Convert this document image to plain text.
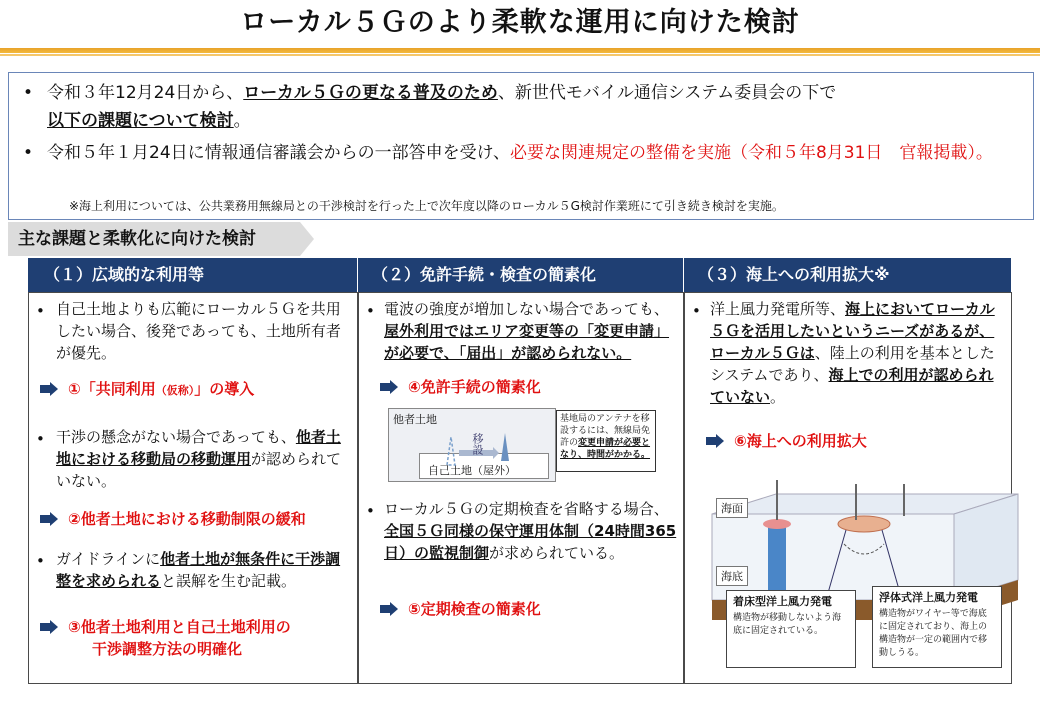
ローカル５Ｇのより柔軟な運用に向けた検討
• 令和３年12月24日から、ローカル５Ｇの更なる普及のため、新世代モバイル通信システム委員会の下で
以下の課題について検討。
• 令和５年１月24日に情報通信審議会からの一部答申を受け、必要な関連規定の整備を実施（令和５年8月31日　官報掲載）。
※海上利用については、公共業務用無線局との干渉検討を行った上で次年度以降のローカル５G検討作業班にて引き続き検討を実施。
主な課題と柔軟化に向けた検討
（１）広域的な利用等	（２）免許手続・検査の簡素化	（３）海上への利用拡大※
• 自己土地よりも広範にローカル５Ｇを共用したい場合、後発であっても、土地所有者が優先。
①「共同利用（仮称）」の導入
• 干渉の懸念がない場合であっても、他者土地における移動局の移動運用が認められていない。
②他者土地における移動制限の緩和
• ガイドラインに他者土地が無条件に干渉調整を求められると誤解を生む記載。
③他者土地利用と自己土地利用の
干渉調整方法の明確化
• 電波の強度が増加しない場合であっても、屋外利用ではエリア変更等の「変更申請」が必要で、「届出」が認められない。
④免許手続の簡素化
他者土地
自己土地（屋外）
移設
基地局のアンテナを移設するには、無線局免許の変更申請が必要となり、時間がかかる。
• ローカル５Ｇの定期検査を省略する場合、全国５Ｇ同様の保守運用体制（24時間365日）の監視制御が求められている。
⑤定期検査の簡素化
• 洋上風力発電所等、海上においてローカル５Ｇを活用したいというニーズがあるが、ローカル５Ｇは、陸上の利用を基本としたシステムであり、海上での利用が認められていない。
⑥海上への利用拡大
海面
海底
着床型洋上風力発電
構造物が移動しないよう海底に固定されている。
浮体式洋上風力発電
構造物がワイヤー等で海底に固定されており、海上の構造物が一定の範囲内で移動しうる。
